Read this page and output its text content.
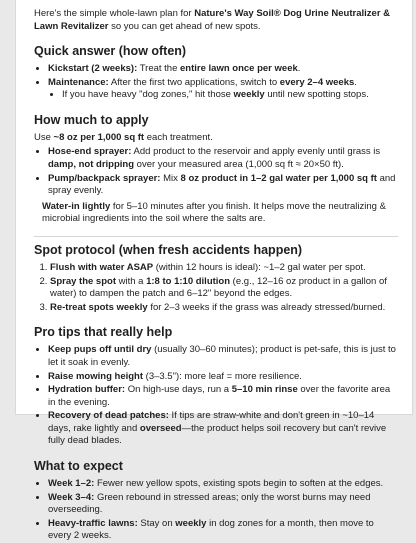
Here's the simple whole-lawn plan for Nature's Way Soil® Dog Urine Neutralizer & Lawn Revitalizer so you can get ahead of new spots.

Quick answer (how often)
• Kickstart (2 weeks): Treat the entire lawn once per week.
• Maintenance: After the first two applications, switch to every 2–4 weeks.
• If you have heavy "dog zones," hit those weekly until new spotting stops.
How much to apply

Use ~8 oz per 1,000 sq ft each treatment.

• Hose-end sprayer: Add product to the reservoir and apply evenly until grass is damp, not dripping over your measured area (1,000 sq ft ≈ 20×50 ft).
• Pump/backpack sprayer: Mix 8 oz product in 1–2 gal water per 1,000 sq ft and spray evenly.

Water-in lightly for 5–10 minutes after you finish. It helps move the neutralizing & microbial ingredients into the soil where the salts are.

Spot protocol (when fresh accidents happen)
1. Flush with water ASAP (within 12 hours is ideal): ~1–2 gal water per spot.
2. Spray the spot with a 1:8 to 1:10 dilution (e.g., 12–16 oz product in a gallon of water) to dampen the patch and 6–12" beyond the edges.
3. Re-treat spots weekly for 2–3 weeks if the grass was already stressed/burned.
Pro tips that really help
• Keep pups off until dry (usually 30–60 minutes); product is pet-safe, this is just to let it soak in evenly.
• Raise mowing height (3–3.5"): more leaf = more resilience.
• Hydration buffer: On high-use days, run a 5–10 min rinse over the favorite area in the evening.
• Recovery of dead patches: If tips are straw-white and don't green in ~10–14 days, rake lightly and overseed—the product helps soil recovery but can't revive fully dead blades.
What to expect
• Week 1–2: Fewer new yellow spots, existing spots begin to soften at the edges.
• Week 3–4: Green rebound in stressed areas; only the worst burns may need overseeding.
• Heavy-traffic lawns: Stay on weekly in dog zones for a month, then move to every 2 weeks.
